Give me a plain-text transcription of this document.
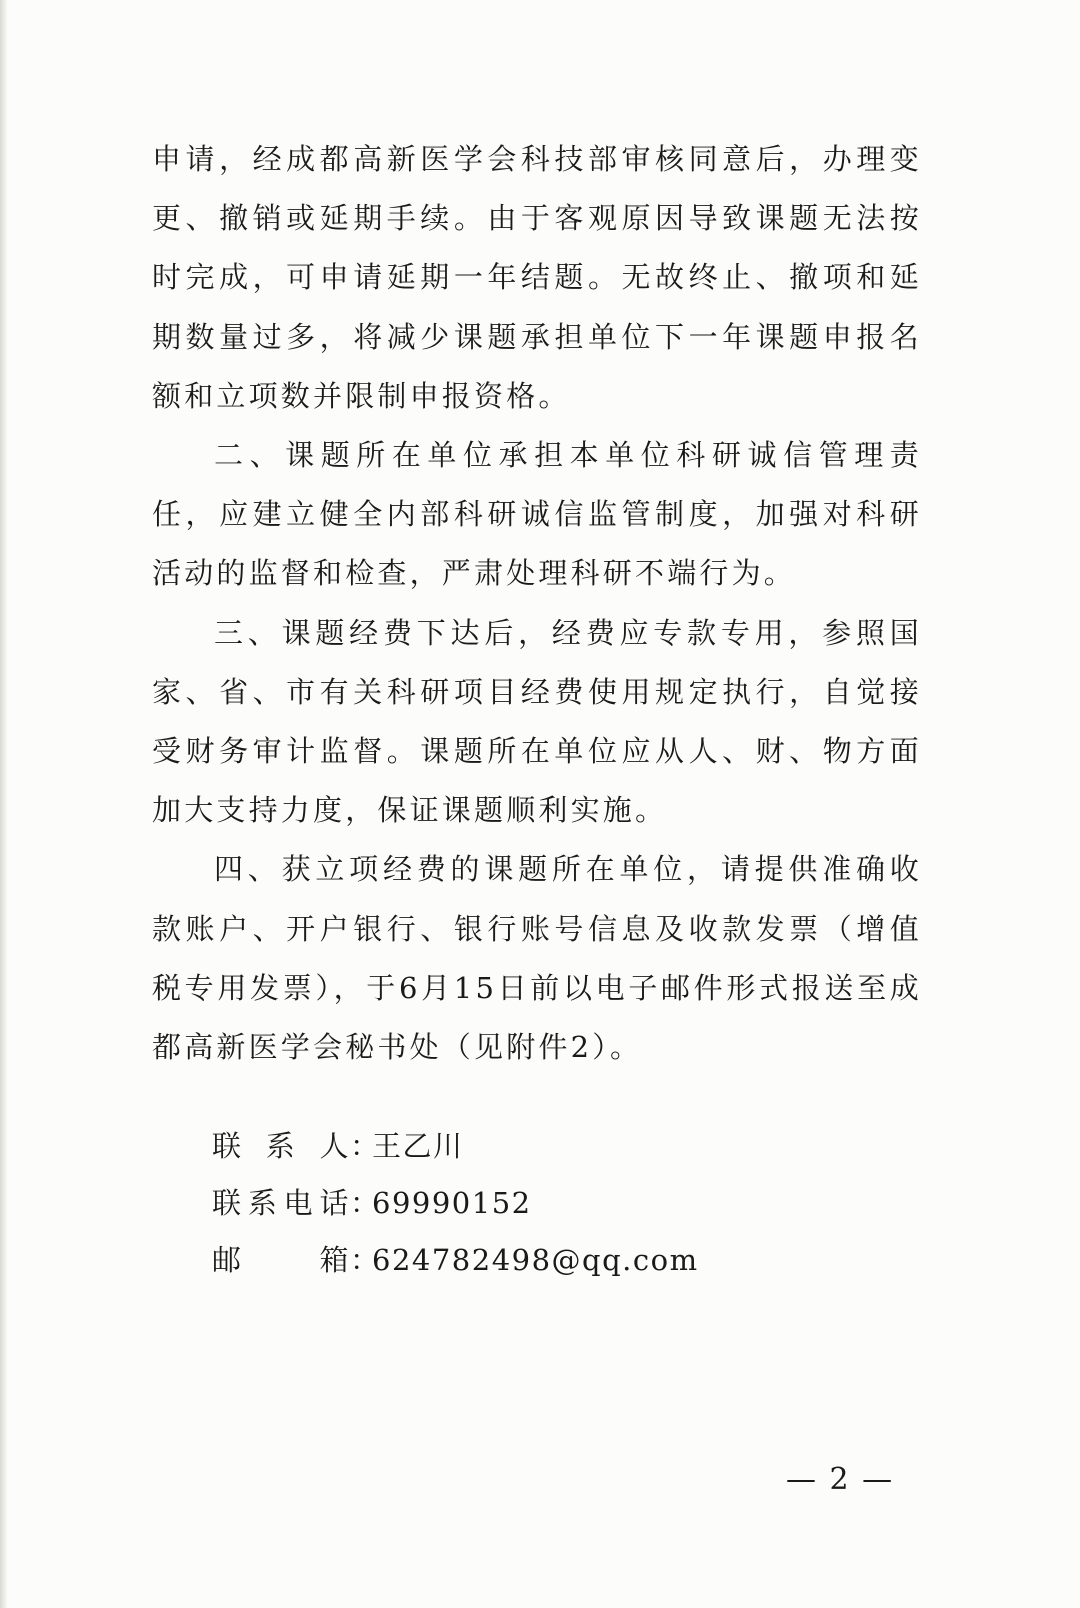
申请，经成都高新医学会科技部审核同意后，办理变更、撤销或延期手续。由于客观原因导致课题无法按时完成，可申请延期一年结题。无故终止、撤项和延期数量过多，将减少课题承担单位下一年课题申报名额和立项数并限制申报资格。

二、课题所在单位承担本单位科研诚信管理责任，应建立健全内部科研诚信监管制度，加强对科研活动的监督和检查，严肃处理科研不端行为。

三、课题经费下达后，经费应专款专用，参照国家、省、市有关科研项目经费使用规定执行，自觉接受财务审计监督。课题所在单位应从人、财、物方面加大支持力度，保证课题顺利实施。

四、获立项经费的课题所在单位，请提供准确收款账户、开户银行、银行账号信息及收款发票（增值税专用发票），于6月15日前以电子邮件形式报送至成都高新医学会秘书处（见附件2）。

联系人 ：
王乙川
联系电话 ：
69990152
邮箱 ：
624782498@qq.com
— 2 —
